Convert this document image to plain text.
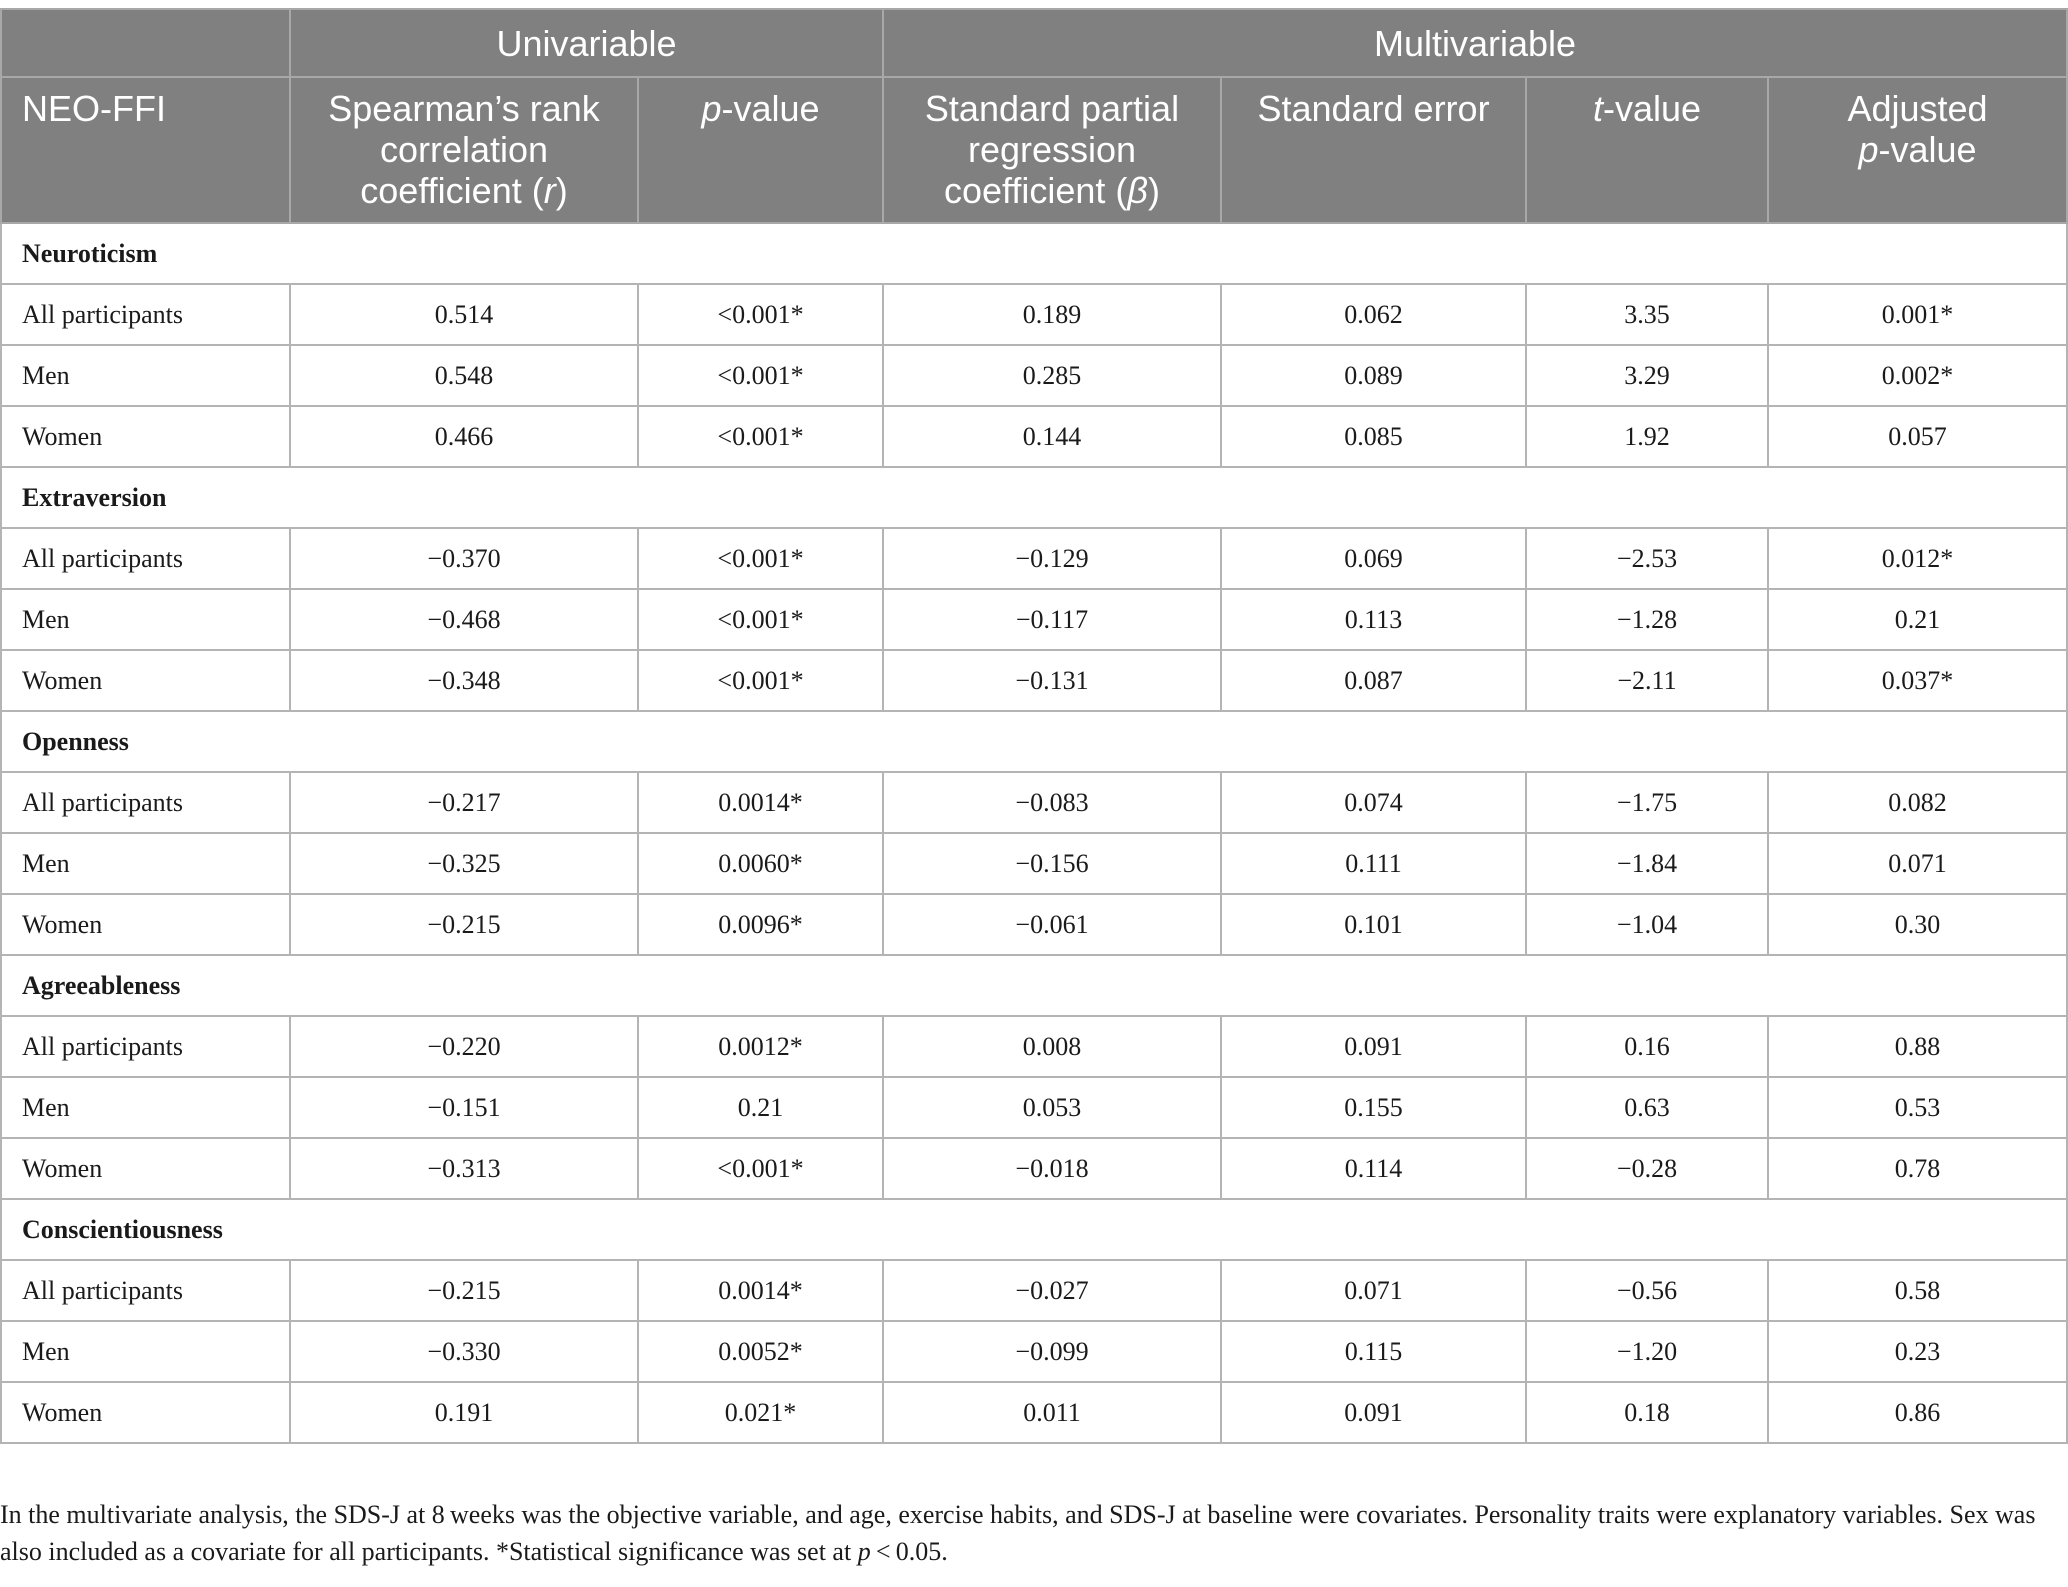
	Univariable		Multivariable			
NEO-FFI	Spearman’s rank correlation coefficient (r)	p-value	Standard partial regression coefficient (β)	Standard error	t-value	Adjusted
p-value
Neuroticism						
All participants	0.514	<0.001*	0.189	0.062	3.35	0.001*
Men	0.548	<0.001*	0.285	0.089	3.29	0.002*
Women	0.466	<0.001*	0.144	0.085	1.92	0.057
Extraversion						
All participants	−0.370	<0.001*	−0.129	0.069	−2.53	0.012*
Men	−0.468	<0.001*	−0.117	0.113	−1.28	0.21
Women	−0.348	<0.001*	−0.131	0.087	−2.11	0.037*
Openness						
All participants	−0.217	0.0014*	−0.083	0.074	−1.75	0.082
Men	−0.325	0.0060*	−0.156	0.111	−1.84	0.071
Women	−0.215	0.0096*	−0.061	0.101	−1.04	0.30
Agreeableness						
All participants	−0.220	0.0012*	0.008	0.091	0.16	0.88
Men	−0.151	0.21	0.053	0.155	0.63	0.53
Women	−0.313	<0.001*	−0.018	0.114	−0.28	0.78
Conscientiousness						
All participants	−0.215	0.0014*	−0.027	0.071	−0.56	0.58
Men	−0.330	0.0052*	−0.099	0.115	−1.20	0.23
Women	0.191	0.021*	0.011	0.091	0.18	0.86

In the multivariate analysis, the SDS-J at 8 weeks was the objective variable, and age, exercise habits, and SDS-J at baseline were covariates. Personality traits were explanatory variables. Sex was also included as a covariate for all participants. *Statistical significance was set at p < 0.05.
